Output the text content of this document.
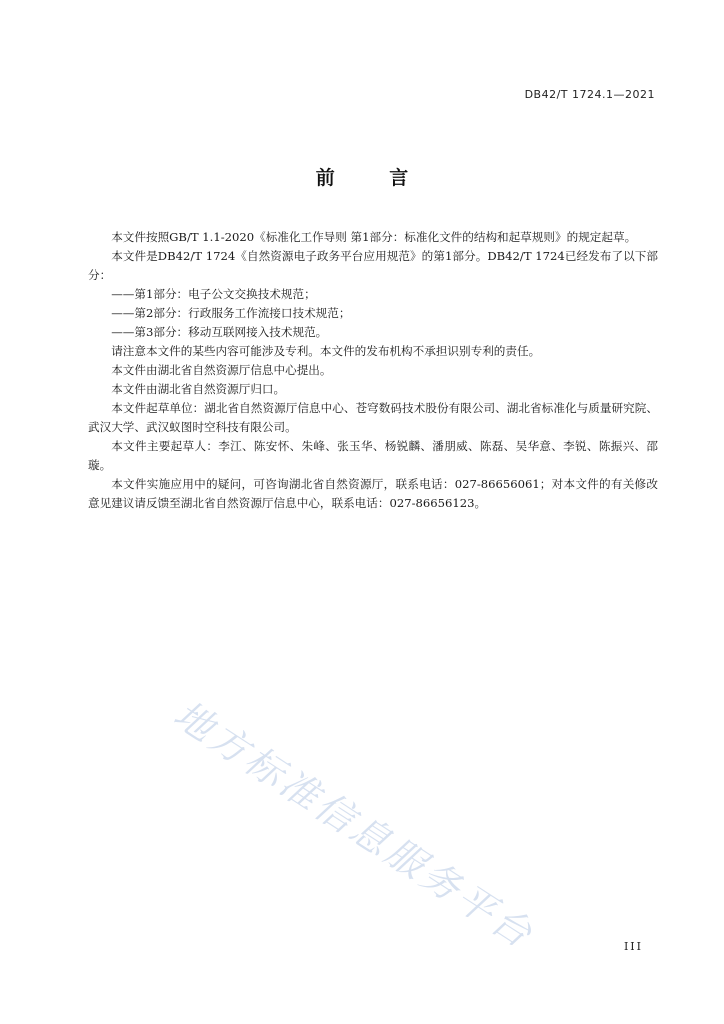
DB42/T 1724.1—2021
前 言

本文件按照GB/T 1.1-2020《标准化工作导则 第1部分：标准化文件的结构和起草规则》的规定起草。

本文件是DB42/T 1724《自然资源电子政务平台应用规范》的第1部分。DB42/T 1724已经发布了以下部分：

——第1部分：电子公文交换技术规范；

——第2部分：行政服务工作流接口技术规范；

——第3部分：移动互联网接入技术规范。

请注意本文件的某些内容可能涉及专利。本文件的发布机构不承担识别专利的责任。

本文件由湖北省自然资源厅信息中心提出。

本文件由湖北省自然资源厅归口。

本文件起草单位：湖北省自然资源厅信息中心、苍穹数码技术股份有限公司、湖北省标准化与质量研究院、武汉大学、武汉蚁图时空科技有限公司。

本文件主要起草人：李江、陈安怀、朱峰、张玉华、杨锐麟、潘朋威、陈磊、吴华意、李锐、陈振兴、邵璇。

本文件实施应用中的疑问，可咨询湖北省自然资源厅，联系电话：027-86656061；对本文件的有关修改意见建议请反馈至湖北省自然资源厅信息中心，联系电话：027-86656123。

地方标准信息服务平台	III
